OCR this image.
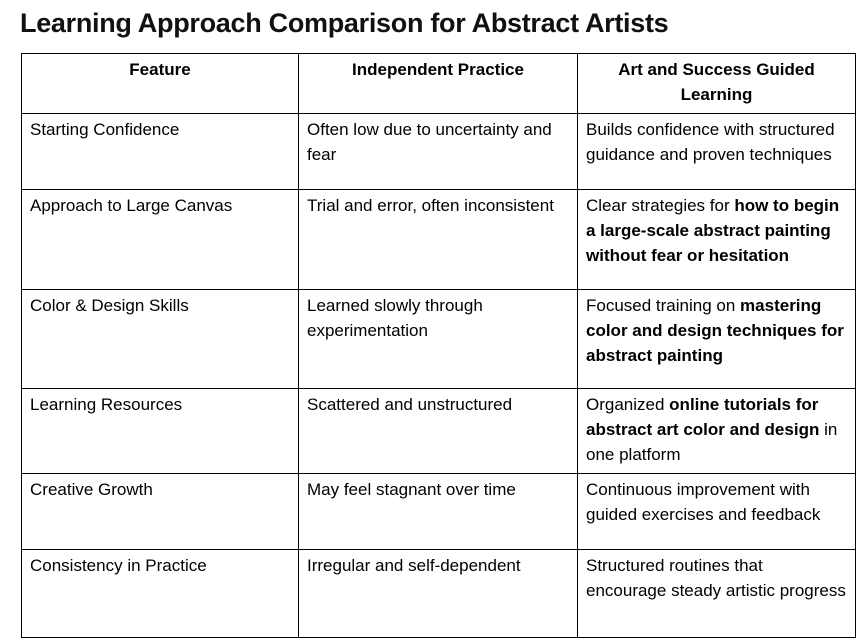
Learning Approach Comparison for Abstract Artists
Feature	Independent Practice	Art and Success Guided Learning
Starting Confidence	Often low due to uncertainty and fear	Builds confidence with structured guidance and proven techniques
Approach to Large Canvas	Trial and error, often inconsistent	Clear strategies for how to begin a large-scale abstract painting without fear or hesitation
Color & Design Skills	Learned slowly through experimentation	Focused training on mastering color and design techniques for abstract painting
Learning Resources	Scattered and unstructured	Organized online tutorials for abstract art color and design in one platform
Creative Growth	May feel stagnant over time	Continuous improvement with guided exercises and feedback
Consistency in Practice	Irregular and self-dependent	Structured routines that encourage steady artistic progress
